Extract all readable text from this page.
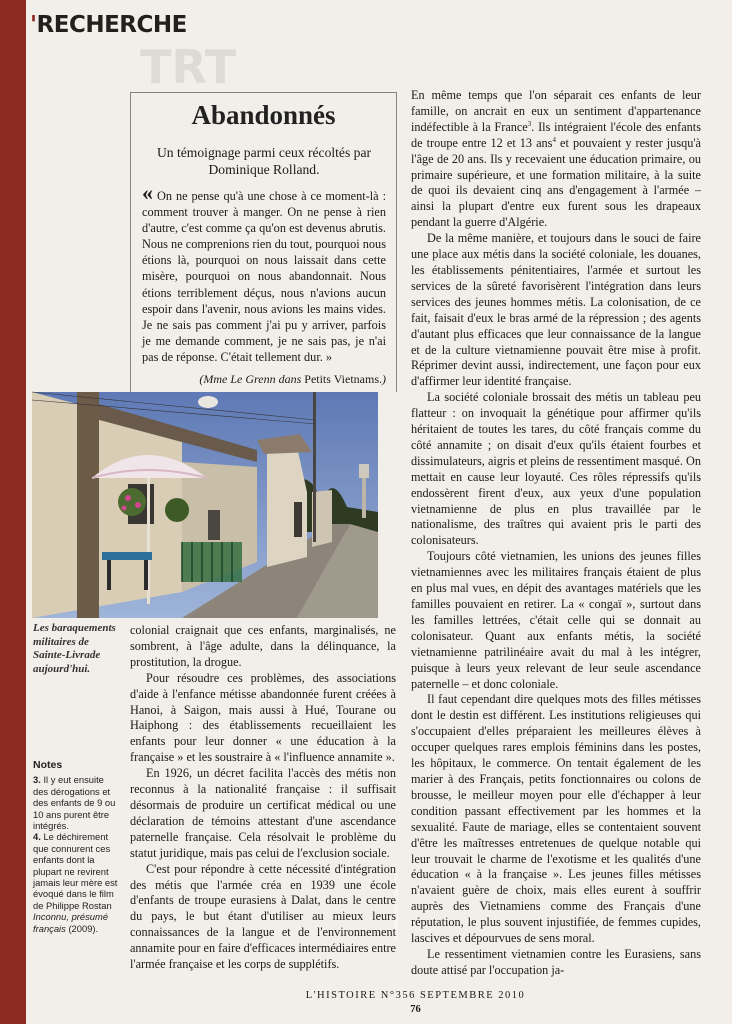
TRT
'RECHERCHE
Abandonnés
Un témoignage parmi ceux récoltés par Dominique Rolland.
« On ne pense qu'à une chose à ce moment-là : comment trouver à manger. On ne pense à rien d'autre, c'est comme ça qu'on est devenus abrutis. Nous ne comprenions rien du tout, pourquoi nous étions là, pourquoi on nous laissait dans cette misère, pourquoi on nous abandonnait. Nous étions terriblement déçus, nous n'avions aucun espoir dans l'avenir, nous avions les mains vides. Je ne sais pas comment j'ai pu y arriver, parfois je me demande comment, je ne sais pas, je n'ai pas de réponse. C'était tellement dur. »
(Mme Le Grenn dans Petits Vietnams.)
DOMINIQUE ROLLAND
Les baraquements militaires de Sainte-Livrade aujourd'hui.
Notes
3. Il y eut ensuite des dérogations et des enfants de 9 ou 10 ans purent être intégrés.
4. Le déchirement que connurent ces enfants dont la plupart ne revirent jamais leur mère est évoqué dans le film de Philippe Rostan Inconnu, présumé français (2009).

colonial craignait que ces enfants, marginalisés, ne sombrent, à l'âge adulte, dans la délinquance, la prostitution, la drogue.

Pour résoudre ces problèmes, des associations d'aide à l'enfance métisse abandonnée furent créées à Hanoi, à Saigon, mais aussi à Hué, Tourane ou Haiphong : des établissements recueillaient les enfants pour leur donner « une éducation à la française » et les soustraire à « l'influence annamite ».

En 1926, un décret facilita l'accès des métis non reconnus à la nationalité française : il suffisait désormais de produire un certificat médical ou une déclaration de témoins attestant d'une ascendance paternelle française. Cela résolvait le problème du statut juridique, mais pas celui de l'exclusion sociale.

C'est pour répondre à cette nécessité d'intégration des métis que l'armée créa en 1939 une école d'enfants de troupe eurasiens à Dalat, dans le centre du pays, le but étant d'utiliser au mieux leurs connaissances de la langue et de l'environnement annamite pour en faire d'efficaces intermédiaires entre l'armée française et les corps de supplétifs.

En même temps que l'on séparait ces enfants de leur famille, on ancrait en eux un sentiment d'appartenance indéfectible à la France$^3$. Ils intégraient l'école des enfants de troupe entre 12 et 13 ans$^4$ et pouvaient y rester jusqu'à l'âge de 20 ans. Ils y recevaient une éducation primaire, ou primaire supérieure, et une formation militaire, à la suite de quoi ils devaient cinq ans d'engagement à l'armée – ainsi la plupart d'entre eux furent sous les drapeaux pendant la guerre d'Algérie.

De la même manière, et toujours dans le souci de faire une place aux métis dans la société coloniale, les douanes, les établissements pénitentiaires, l'armée et surtout les services de la sûreté favorisèrent l'intégration dans leurs services des jeunes hommes métis. La colonisation, de ce fait, faisait d'eux le bras armé de la répression ; des agents d'autant plus efficaces que leur connaissance de la langue et de la culture vietnamienne pouvait être mise à profit. Réprimer devint aussi, indirectement, une façon pour eux d'affirmer leur identité française.

La société coloniale brossait des métis un tableau peu flatteur : on invoquait la génétique pour affirmer qu'ils héritaient de toutes les tares, du côté français comme du côté annamite ; on disait d'eux qu'ils étaient fourbes et dissimulateurs, aigris et pleins de ressentiment masqué. On mettait en cause leur loyauté. Ces rôles répressifs qu'ils endossèrent firent d'eux, aux yeux d'une population vietnamienne de plus en plus travaillée par le nationalisme, des traîtres qui avaient pris le parti des colonisateurs.

Toujours côté vietnamien, les unions des jeunes filles vietnamiennes avec les militaires français étaient de plus en plus mal vues, en dépit des avantages matériels que les familles pouvaient en retirer. La « congaï », surtout dans les familles lettrées, c'était celle qui se donnait au colonisateur. Quant aux enfants métis, la société vietnamienne patrilinéaire avait du mal à les intégrer, puisque à leurs yeux relevant de leur seule ascendance paternelle – et donc coloniale.

Il faut cependant dire quelques mots des filles métisses dont le destin est différent. Les institutions religieuses qui s'occupaient d'elles préparaient les meilleures élèves à occuper quelques rares emplois féminins dans les postes, les hôpitaux, le commerce. On tentait également de les marier à des Français, petits fonctionnaires ou colons de brousse, le meilleur moyen pour elle d'échapper à leur condition passant effectivement par les hommes et la sexualité. Faute de mariage, elles se contentaient souvent d'être les maîtresses entretenues de quelque notable qui leur trouvait le charme de l'exotisme et les qualités d'une éducation « à la française ». Les jeunes filles métisses n'avaient guère de choix, mais elles eurent à souffrir auprès des Vietnamiens comme des Français d'une réputation, le plus souvent injustifiée, de femmes cupides, lascives et dépourvues de sens moral.

Le ressentiment vietnamien contre les Eurasiens, sans doute attisé par l'occupation ja-

L'HISTOIRE N°356 SEPTEMBRE 2010
76
